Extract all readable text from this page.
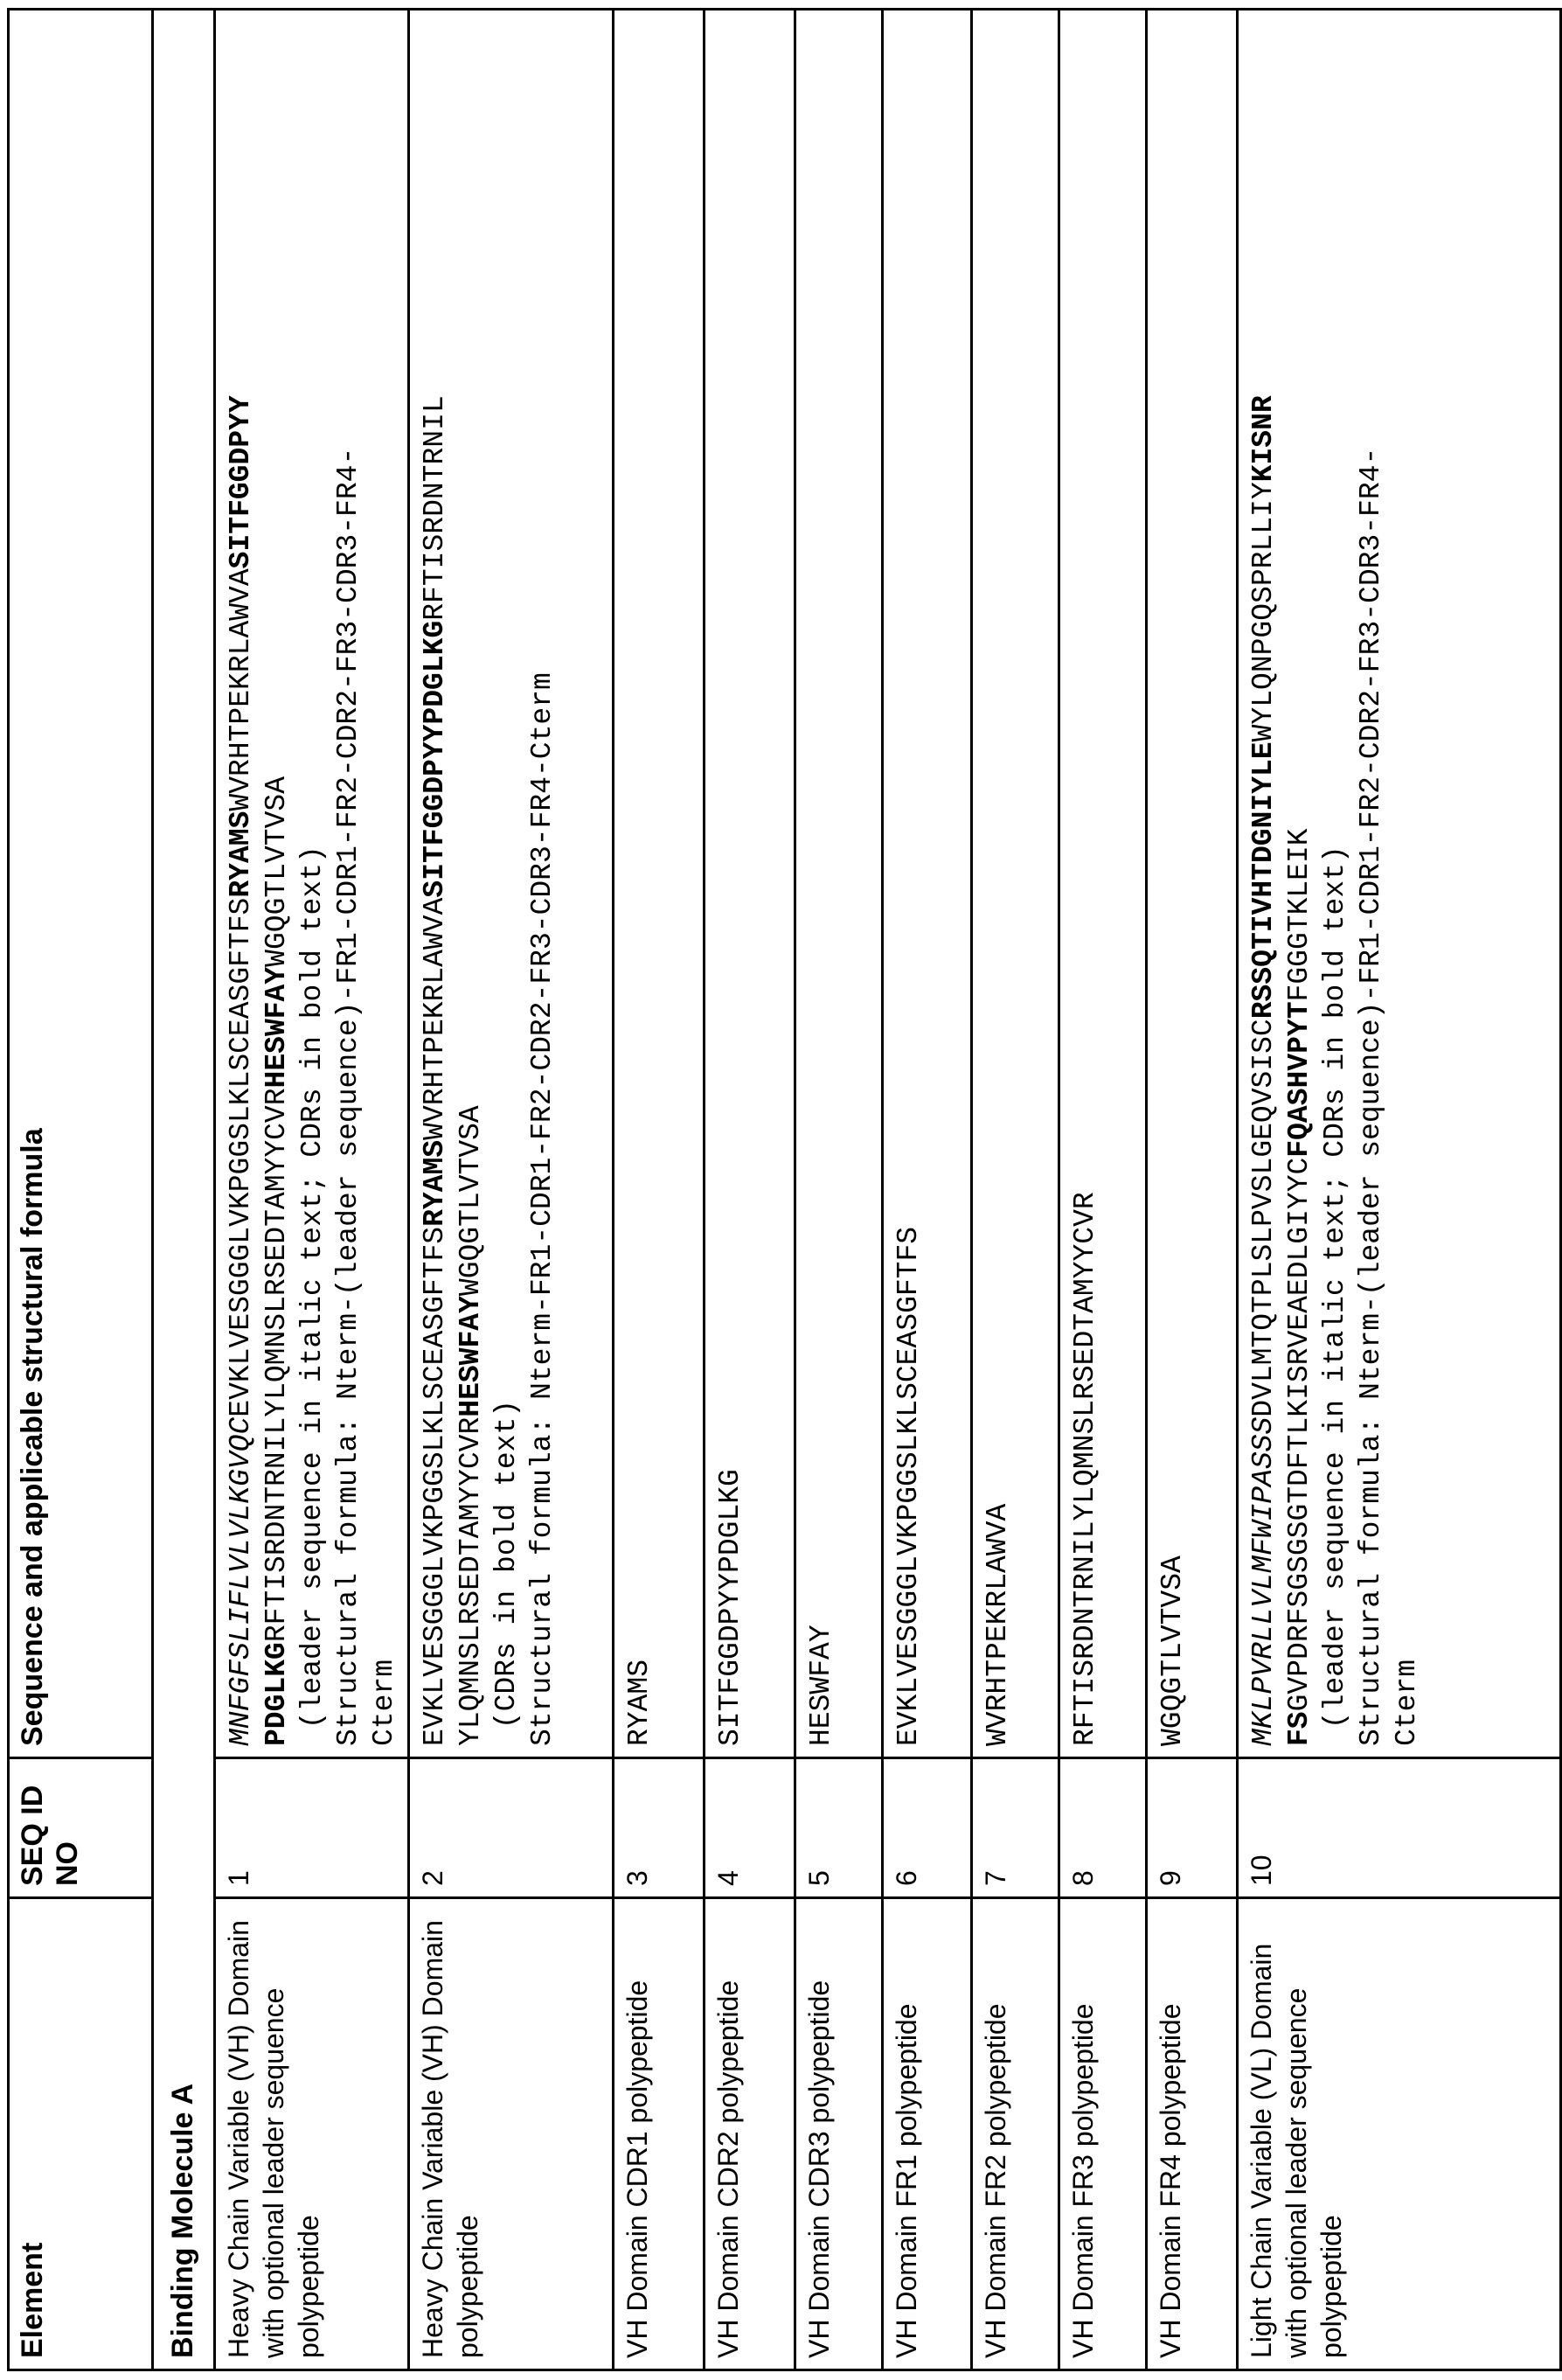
Element	SEQ ID NO	Sequence and applicable structural formula
Binding Molecule AHeavy Chain Variable (VH) Domain with optional leader sequence polypeptide	1	
MNFGFSLIFLVLVLKGVQCEVKLVESGGGLVKPGGSLKLSCEASGFTFSRYAMSWVRHTPEKRLAWVASITFGGDPYY
PDGLKGRFTISRDNTRNILYLQMNSLRSEDTAMYYCVRHESWFAYWGQGTLVTVSA (leader sequence in italic text; CDRs in bold text) Structural formula: Nterm-(leader sequence)-FR1-CDR1-FR2-CDR2-FR3-CDR3-FR4- Cterm

Heavy Chain Variable (VH) Domain polypeptide	2	
EVKLVESGGGLVKPGGSLKLSCEASGFTFSRYAMSWVRHTPEKRLAWVASITFGGDPYYPDGLKGRFTISRDNTRNIL
YLQMNSLRSEDTAMYYCVRHESWFAYWGQGTLVTVSA
(CDRs in bold text) Structural formula: Nterm-FR1-CDR1-FR2-CDR2-FR3-CDR3-FR4-Cterm

VH Domain CDR1 polypeptide	3	
RYAMS

VH Domain CDR2 polypeptide	4	
SITFGGDPYYPDGLKG

VH Domain CDR3 polypeptide	5	
HESWFAY

VH Domain FR1 polypeptide	6	
EVKLVESGGGLVKPGGSLKLSCEASGFTFS

VH Domain FR2 polypeptide	7	
WVRHTPEKRLAWVA

VH Domain FR3 polypeptide	8	
RFTISRDNTRNILYLQMNSLRSEDTAMYYCVR

VH Domain FR4 polypeptide	9	
WGQGTLVTVSA

Light Chain Variable (VL) Domain with optional leader sequence polypeptide	10	
MKLPVRLLVLMFWIPASSSDVLMTQTPLSLPVSLGEQVSISCRSSQTIVHTDGNIYLEWYLQNPGQSPRLLIYKISNR
FSGVPDRFSGSGSGTDFTLKISRVEAEDLGIYYCFQASHVPYTFGGGTKLEIK (leader sequence in italic text; CDRs in bold text) Structural formula: Nterm-(leader sequence)-FR1-CDR1-FR2-CDR2-FR3-CDR3-FR4- Cterm
